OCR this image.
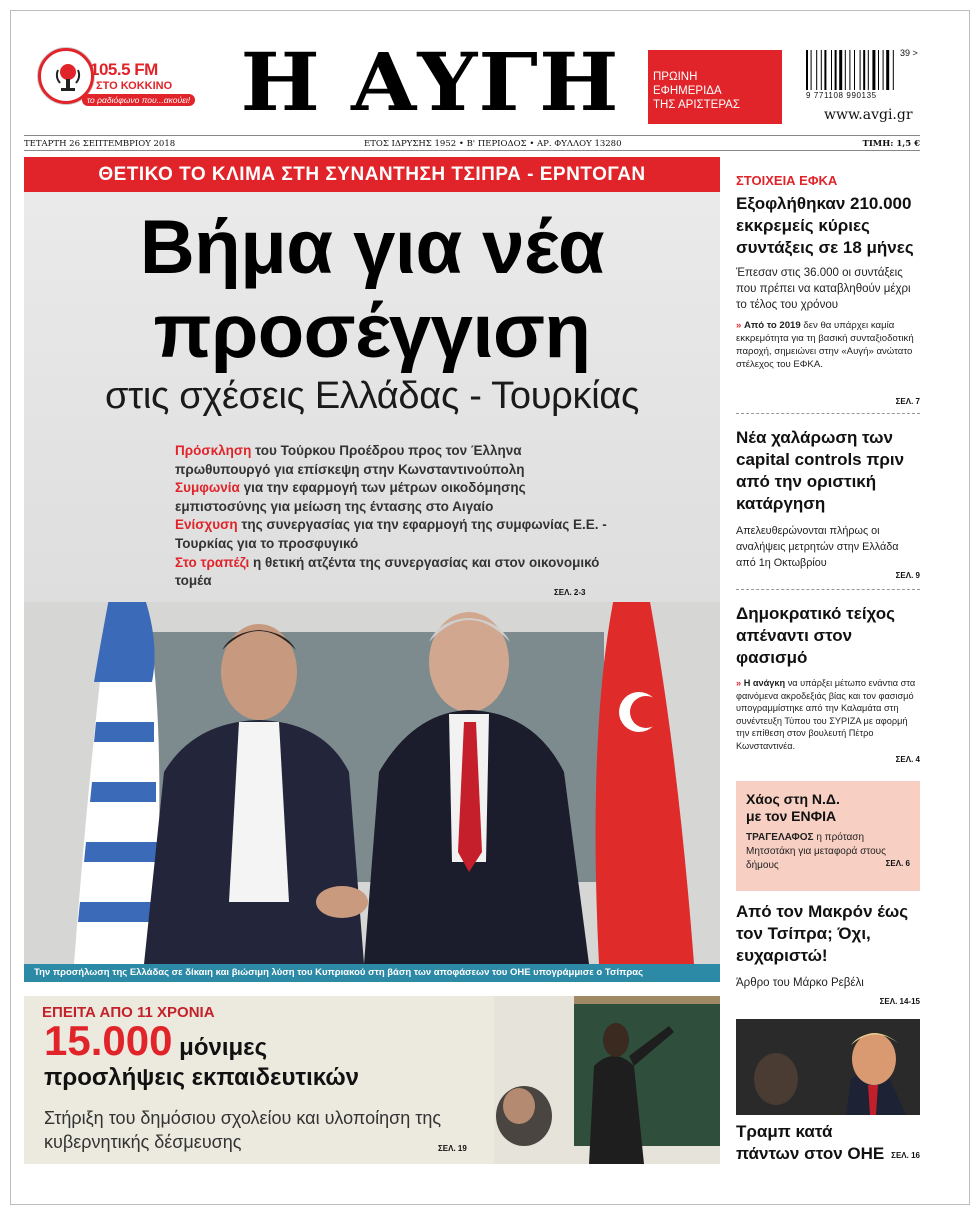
105.5 FM
ΣΤΟ ΚΟΚΚΙΝΟ
το ραδιόφωνο που...ακούει! Η ΑΥΓΗ	ΠΡΩΙΝΗ
ΕΦΗΜΕΡΙΔΑ
ΤΗΣ ΑΡΙΣΤΕΡΑΣ
39 >
9 771108 990135
www.avgi.gr
ΤΕΤΑΡΤΗ 26 ΣΕΠΤΕΜΒΡΙΟΥ 2018	ΕΤΟΣ ΙΔΡΥΣΗΣ 1952 • Β' ΠΕΡΙΟΔΟΣ • ΑΡ. ΦΥΛΛΟΥ 13280	ΤΙΜΗ: 1,5 €
ΘΕΤΙΚΟ ΤΟ ΚΛΙΜΑ ΣΤΗ ΣΥΝΑΝΤΗΣΗ ΤΣΙΠΡΑ - ΕΡΝΤΟΓΑΝ
Βήμα για νέα
προσέγγιση
στις σχέσεις Ελλάδας - Τουρκίας

Πρόσκληση του Τούρκου Προέδρου προς τον Έλληνα πρωθυπουργό για επίσκεψη στην Κωνσταντινούπολη

Συμφωνία για την εφαρμογή των μέτρων οικοδόμησης εμπιστοσύνης για μείωση της έντασης στο Αιγαίο

Ενίσχυση της συνεργασίας για την εφαρμογή της συμφωνίας Ε.Ε. - Τουρκίας για το προσφυγικό

Στο τραπέζι η θετική ατζέντα της συνεργασίας και στον οικονομικό τομέα

ΣΕΛ. 2-3
Την προσήλωση της Ελλάδας σε δίκαιη και βιώσιμη λύση του Κυπριακού στη βάση των αποφάσεων του ΟΗΕ υπογράμμισε ο Τσίπρας
ΕΠΕΙΤΑ ΑΠΟ 11 ΧΡΟΝΙΑ
15.000 μόνιμες
προσλήψεις εκπαιδευτικών
Στήριξη του δημόσιου σχολείου και υλοποίηση της κυβερνητικής δέσμευσης	ΣΕΛ. 19
ΣΤΟΙΧΕΙΑ ΕΦΚΑ
Εξοφλήθηκαν 210.000 εκκρεμείς κύριες συντάξεις σε 18 μήνες
Έπεσαν στις 36.000 οι συντάξεις που πρέπει να καταβληθούν μέχρι το τέλος του χρόνου
» Από το 2019 δεν θα υπάρχει καμία εκκρεμότητα για τη βασική συνταξιοδοτική παροχή, σημειώνει στην «Αυγή» ανώτατο στέλεχος του ΕΦΚΑ.
ΣΕΛ. 7
Νέα χαλάρωση των capital controls πριν από την οριστική κατάργηση
Απελευθερώνονται πλήρως οι αναλήψεις μετρητών στην Ελλάδα από 1η Οκτωβρίου
ΣΕΛ. 9
Δημοκρατικό τείχος απέναντι στον φασισμό
» Η ανάγκη να υπάρξει μέτωπο ενάντια στα φαινόμενα ακροδεξιάς βίας και τον φασισμό υπογραμμίστηκε από την Καλαμάτα στη συνέντευξη Τύπου του ΣΥΡΙΖΑ με αφορμή την επίθεση στον βουλευτή Πέτρο Κωνσταντινέα.
ΣΕΛ. 4
Χάος στη Ν.Δ.
με τον ΕΝΦΙΑ
ΤΡΑΓΕΛΑΦΟΣ η πρόταση Μητσοτάκη για μεταφορά στους δήμους	ΣΕΛ. 6
Από τον Μακρόν έως τον Τσίπρα; Όχι, ευχαριστώ!
Άρθρο του Μάρκο Ρεβέλι
ΣΕΛ. 14-15
Τραμπ κατά πάντων στον ΟΗΕ ΣΕΛ. 16
